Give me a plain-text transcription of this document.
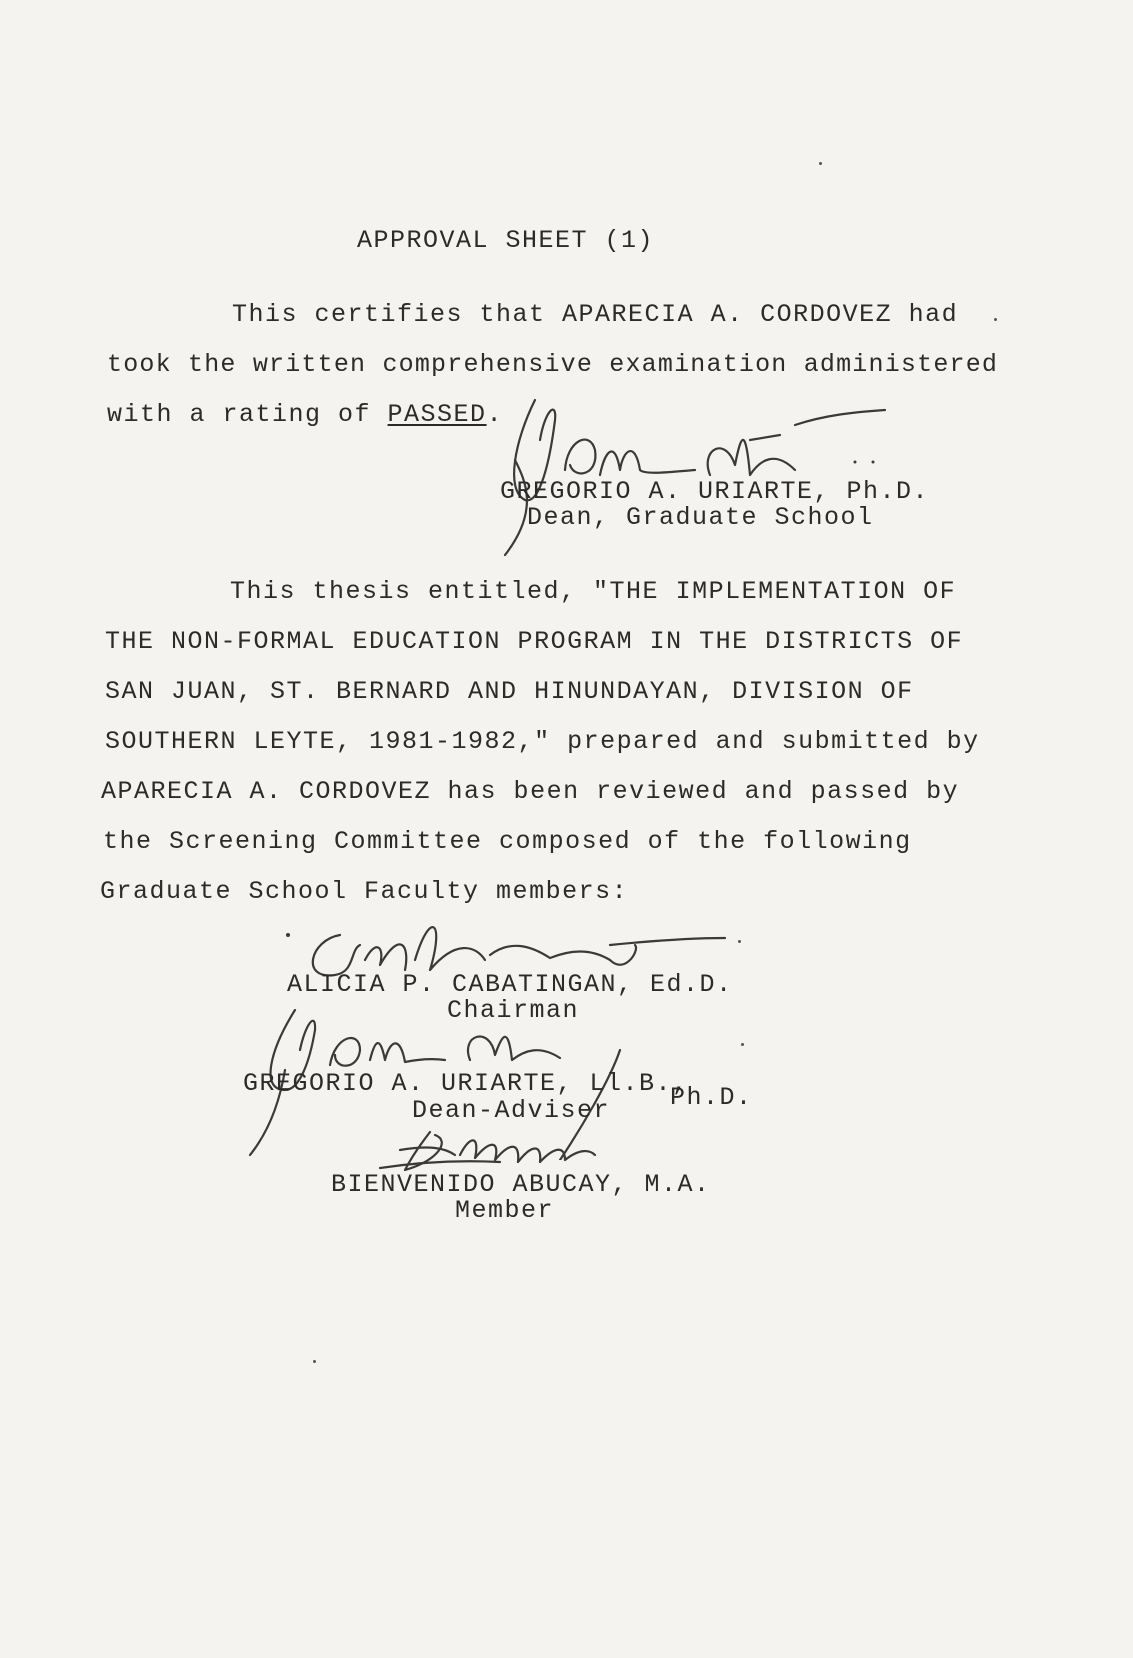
APPROVAL SHEET (1)
This certifies that APARECIA A. CORDOVEZ had
took the written comprehensive examination administered
with a rating of PASSED.
GREGORIO A. URIARTE, Ph.D.
Dean, Graduate School
This thesis entitled, "THE IMPLEMENTATION OF
THE NON-FORMAL EDUCATION PROGRAM IN THE DISTRICTS OF
SAN JUAN, ST. BERNARD AND HINUNDAYAN, DIVISION OF
SOUTHERN LEYTE, 1981-1982," prepared and submitted by
APARECIA A. CORDOVEZ has been reviewed and passed by
the Screening Committee composed of the following
Graduate School Faculty members:
ALICIA P. CABATINGAN, Ed.D.
Chairman
GREGORIO A. URIARTE, Ll.B.,
Ph.D.
Dean-Adviser
BIENVENIDO ABUCAY, M.A.
Member
